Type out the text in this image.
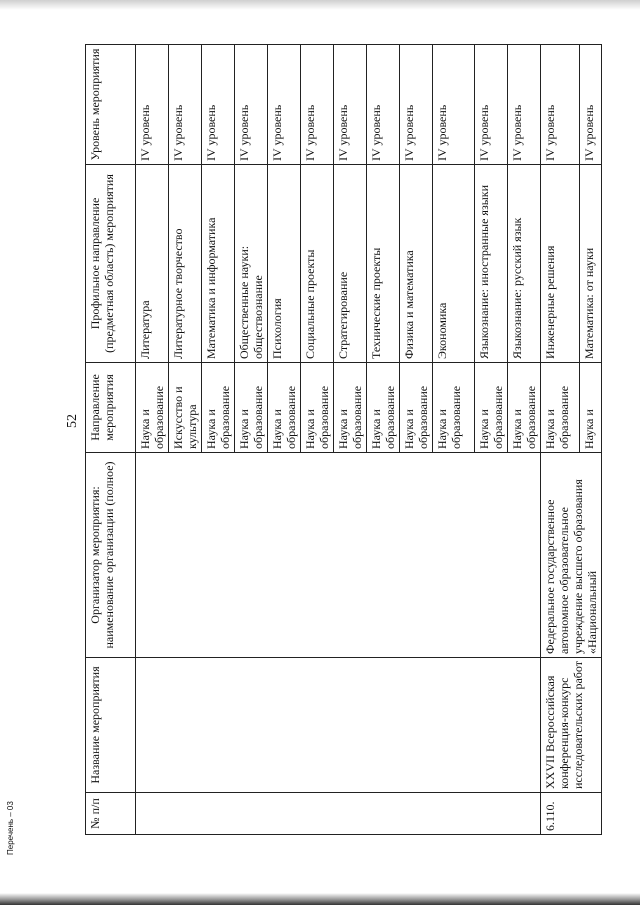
52
№ п/п	Название мероприятия	Организатор мероприятия: наименование организации (полное)	Направление мероприятия	Профильное направление (предметная область) мероприятия	Уровень мероприятия
			Наука и образование	Литература	IV уровень
			Искусство и культура	Литературное творчество	IV уровень
			Наука и образование	Математика и информатика	IV уровень
			Наука и образование	Общественные науки: обществознание	IV уровень
			Наука и образование	Психология	IV уровень
			Наука и образование	Социальные проекты	IV уровень
			Наука и образование	Стратегирование	IV уровень
			Наука и образование	Технические проекты	IV уровень
			Наука и образование	Физика и математика	IV уровень
			Наука и образование	Экономика	IV уровень
			Наука и образование	Языкознание: иностранные языки	IV уровень
			Наука и образование	Языкознание: русский язык	IV уровень
6.110.	XXVII Всероссийская конференция-конкурс исследовательских работ	Федеральное государственное автономное образовательное учреждение высшего образования «Национальный	Наука и образование	Инженерные решения	IV уровень
			Наука и	Математика: от науки	IV уровень
Перечень – 03
